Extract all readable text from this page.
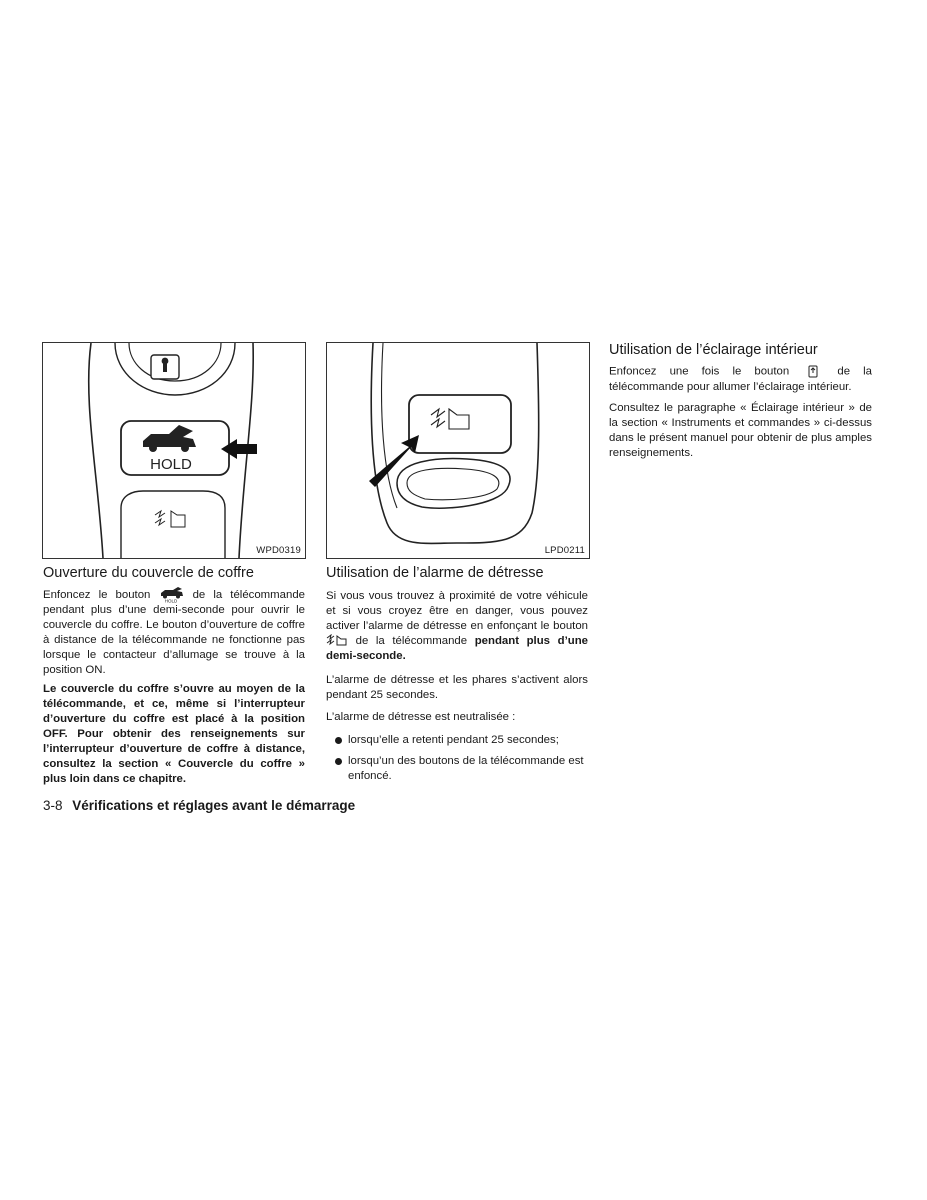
HOLD
WPD0319	LPD0211
Ouverture du couvercle de coffre

Enfoncez le bouton	HOLD de la télécommande pendant plus d’une demi-seconde pour ouvrir le couvercle du coffre. Le bouton d’ouverture de coffre à distance de la télécommande ne fonctionne pas lorsque le contacteur d’allumage se trouve à la position ON.

Le couvercle du coffre s’ouvre au moyen de la télécommande, et ce, même si l’interrupteur d’ouverture du coffre est placé à la position OFF. Pour obtenir des renseignements sur l’interrupteur d’ouverture de coffre à distance, consultez la section « Couvercle du coffre » plus loin dans ce chapitre.

Utilisation de l’alarme de détresse

Si vous vous trouvez à proximité de votre véhicule et si vous croyez être en danger, vous pouvez activer l’alarme de détresse en enfonçant le bouton  de la télécommande pendant plus d’une demi-seconde.

L’alarme de détresse et les phares s’activent alors pendant 25 secondes.

L’alarme de détresse est neutralisée :

lorsqu’elle a retenti pendant 25 secondes;
lorsqu’un des boutons de la télécommande est enfoncé.
Utilisation de l’éclairage intérieur

Enfoncez une fois le bouton	de la télécommande pour allumer l’éclairage intérieur.

Consultez le paragraphe « Éclairage intérieur » de la section « Instruments et commandes » ci-dessus dans le présent manuel pour obtenir de plus amples renseignements.

3-8 Vérifications et réglages avant le démarrage
